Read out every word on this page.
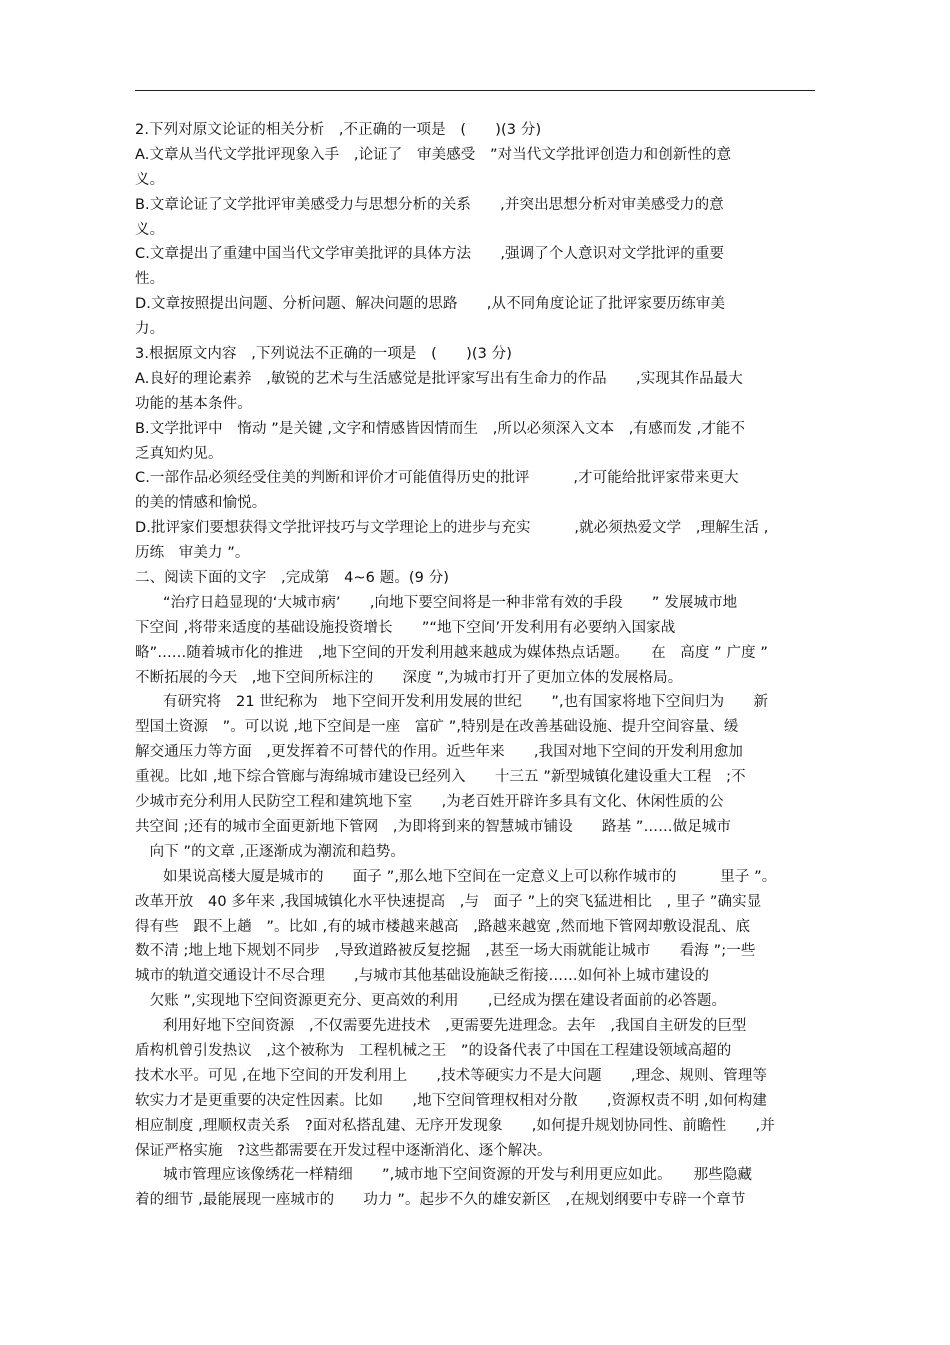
2.下列对原文论证的相关分析　,不正确的一项是　(　　)(3 分)
A.文章从当代文学批评现象入手　,论证了　审美感受　”对当代文学批评创造力和创新性的意
义。
B.文章论证了文学批评审美感受力与思想分析的关系　　,并突出思想分析对审美感受力的意
义。
C.文章提出了重建中国当代文学审美批评的具体方法　　,强调了个人意识对文学批评的重要
性。
D.文章按照提出问题、分析问题、解决问题的思路　　,从不同角度论证了批评家要历练审美
力。
3.根据原文内容　,下列说法不正确的一项是　(　　)(3 分)
A.良好的理论素养　,敏锐的艺术与生活感觉是批评家写出有生命力的作品　　,实现其作品最大
功能的基本条件。
B.文学批评中　惰动 ”是关键 ,文字和情感皆因情而生　,所以必须深入文本　,有感而发 ,才能不
乏真知灼见。
C.一部作品必须经受住美的判断和评价才可能值得历史的批评　　　,才可能给批评家带来更大
的美的情感和愉悦。
D.批评家们要想获得文学批评技巧与文学理论上的进步与充实　　　,就必须热爱文学　,理解生活 ,
历练　审美力 ”。
二、阅读下面的文字　,完成第　4~6 题。(9 分)
“治疗日趋显现的‘大城市病’　　,向地下要空间将是一种非常有效的手段　　” 发展城市地
下空间 ,将带来适度的基础设施投资增长　　”“地下空间’开发利用有必要纳入国家战
略”……随着城市化的推进　,地下空间的开发利用越来越成为媒体热点话题。　　在　高度 ” 广度 ”
不断拓展的今天　,地下空间所标注的　　深度 ”,为城市打开了更加立体的发展格局。
有研究将　21 世纪称为　地下空间开发利用发展的世纪　　”,也有国家将地下空间归为　　新
型国土资源　”。可以说 ,地下空间是一座　富矿 ”,特别是在改善基础设施、提升空间容量、缓
解交通压力等方面　,更发挥着不可替代的作用。近些年来　　,我国对地下空间的开发利用愈加
重视。比如 ,地下综合管廊与海绵城市建设已经列入　　十三五 ”新型城镇化建设重大工程　;不
少城市充分利用人民防空工程和建筑地下室　　,为老百姓开辟许多具有文化、休闲性质的公
共空间 ;还有的城市全面更新地下管网　,为即将到来的智慧城市铺设　　路基 ”……做足城市
　向下 ”的文章 ,正逐渐成为潮流和趋势。
如果说高楼大厦是城市的　　面子 ”,那么地下空间在一定意义上可以称作城市的　　　里子 ”。
改革开放　40 多年来 ,我国城镇化水平快速提高　,与　面子 ”上的突飞猛进相比　, 里子 ”确实显
得有些　跟不上趟　”。比如 ,有的城市楼越来越高　,路越来越宽 ,然而地下管网却敷设混乱、底
数不清 ;地上地下规划不同步　,导致道路被反复挖掘　,甚至一场大雨就能让城市　　看海 ”;一些
城市的轨道交通设计不尽合理　　,与城市其他基础设施缺乏衔接……如何补上城市建设的
　欠账 ”,实现地下空间资源更充分、更高效的利用　　,已经成为摆在建设者面前的必答题。
利用好地下空间资源　,不仅需要先进技术　,更需要先进理念。去年　,我国自主研发的巨型
盾构机曾引发热议　,这个被称为　工程机械之王　”的设备代表了中国在工程建设领域高超的
技术水平。可见 ,在地下空间的开发利用上　　,技术等硬实力不是大问题　　,理念、规则、管理等
软实力才是更重要的决定性因素。比如　　,地下空间管理权相对分散　　,资源权责不明 ,如何构建
相应制度 ,理顺权责关系　?面对私搭乱建、无序开发现象　　,如何提升规划协同性、前瞻性　　,并
保证严格实施　?这些都需要在开发过程中逐渐消化、逐个解决。
城市管理应该像绣花一样精细　　”,城市地下空间资源的开发与利用更应如此。　　那些隐藏
着的细节 ,最能展现一座城市的　　功力 ”。起步不久的雄安新区　,在规划纲要中专辟一个章节
